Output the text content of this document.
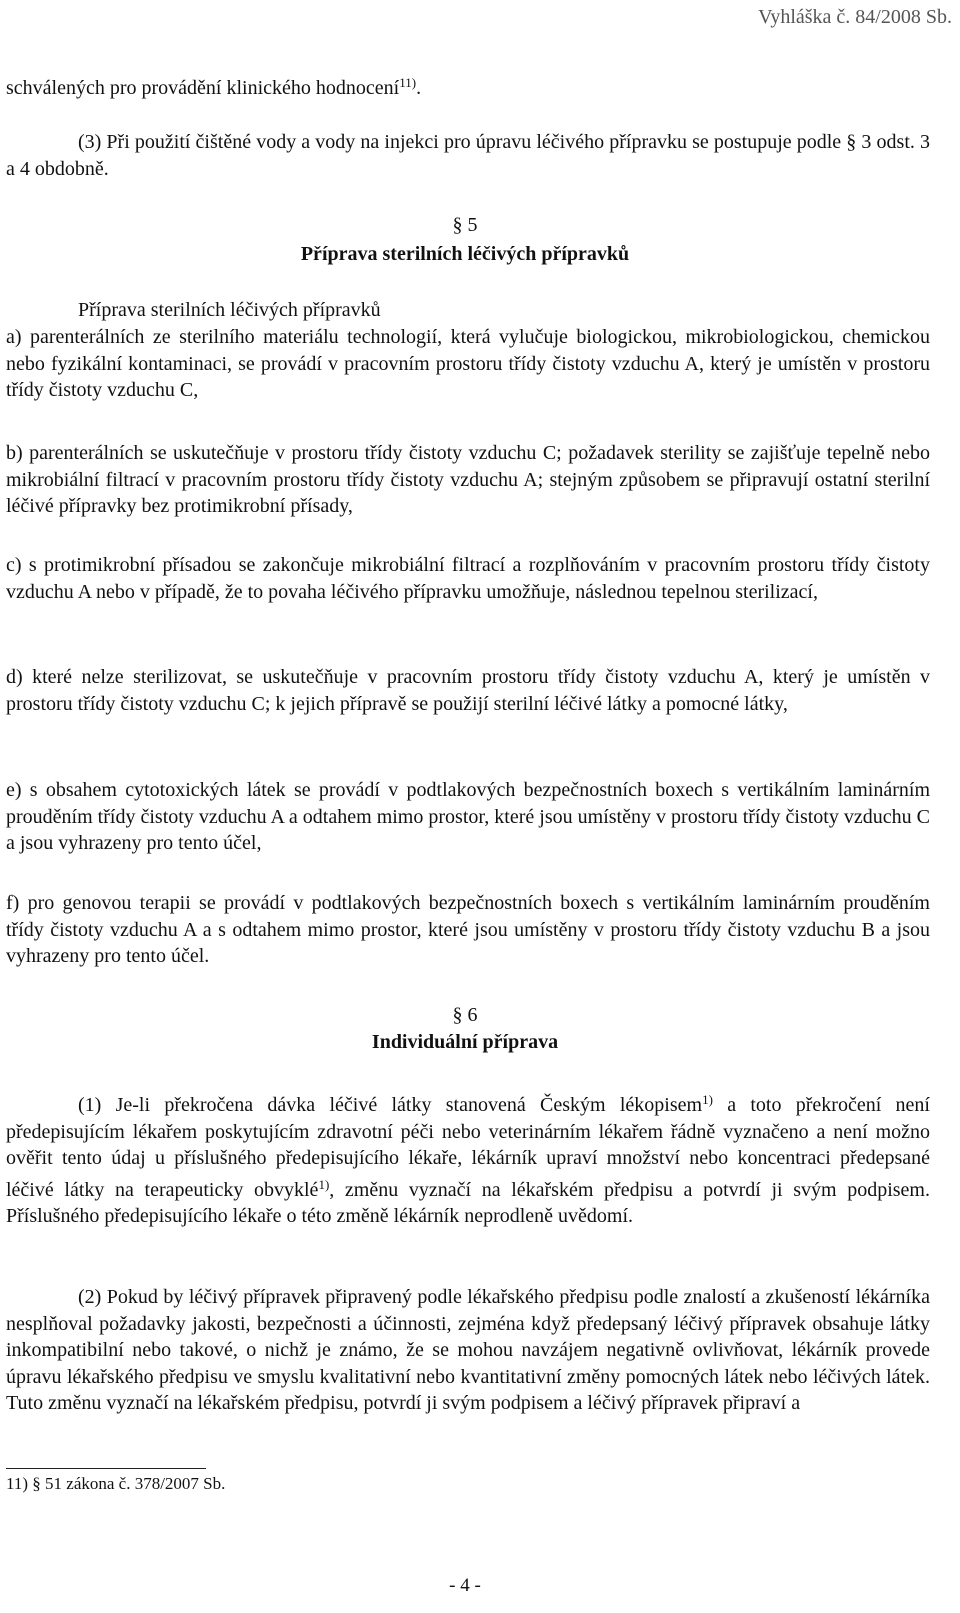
Vyhláška č. 84/2008 Sb.

schválených pro provádění klinického hodnocení$^{11)}$.

(3) Při použití čištěné vody a vody na injekci pro úpravu léčivého přípravku se postupuje podle § 3 odst. 3 a 4 obdobně.

§ 5

Příprava sterilních léčivých přípravků

Příprava sterilních léčivých přípravků

a) parenterálních ze sterilního materiálu technologií, která vylučuje biologickou, mikrobiologickou, chemickou nebo fyzikální kontaminaci, se provádí v pracovním prostoru třídy čistoty vzduchu A, který je umístěn v prostoru třídy čistoty vzduchu C,

b) parenterálních se uskutečňuje v prostoru třídy čistoty vzduchu C; požadavek sterility se zajišťuje tepelně nebo mikrobiální filtrací v pracovním prostoru třídy čistoty vzduchu A; stejným způsobem se připravují ostatní sterilní léčivé přípravky bez protimikrobní přísady,

c) s protimikrobní přísadou se zakončuje mikrobiální filtrací a rozplňováním v pracovním prostoru třídy čistoty vzduchu A nebo v případě, že to povaha léčivého přípravku umožňuje, následnou tepelnou sterilizací,

d) které nelze sterilizovat, se uskutečňuje v pracovním prostoru třídy čistoty vzduchu A, který je umístěn v prostoru třídy čistoty vzduchu C; k jejich přípravě se použijí sterilní léčivé látky a pomocné látky,

e) s obsahem cytotoxických látek se provádí v podtlakových bezpečnostních boxech s vertikálním laminárním prouděním třídy čistoty vzduchu A a odtahem mimo prostor, které jsou umístěny v prostoru třídy čistoty vzduchu C a jsou vyhrazeny pro tento účel,

f) pro genovou terapii se provádí v podtlakových bezpečnostních boxech s vertikálním laminárním prouděním třídy čistoty vzduchu A a s odtahem mimo prostor, které jsou umístěny v prostoru třídy čistoty vzduchu B a jsou vyhrazeny pro tento účel.

§ 6

Individuální příprava

(1) Je-li překročena dávka léčivé látky stanovená Českým lékopisem$^{1)}$ a toto překročení není předepisujícím lékařem poskytujícím zdravotní péči nebo veterinárním lékařem řádně vyznačeno a není možno ověřit tento údaj u příslušného předepisujícího lékaře, lékárník upraví množství nebo koncentraci předepsané léčivé látky na terapeuticky obvyklé$^{1)}$, změnu vyznačí na lékařském předpisu a potvrdí ji svým podpisem. Příslušného předepisujícího lékaře o této změně lékárník neprodleně uvědomí.

(2) Pokud by léčivý přípravek připravený podle lékařského předpisu podle znalostí a zkušeností lékárníka nesplňoval požadavky jakosti, bezpečnosti a účinnosti, zejména když předepsaný léčivý přípravek obsahuje látky inkompatibilní nebo takové, o nichž je známo, že se mohou navzájem negativně ovlivňovat, lékárník provede úpravu lékařského předpisu ve smyslu kvalitativní nebo kvantitativní změny pomocných látek nebo léčivých látek. Tuto změnu vyznačí na lékařském předpisu, potvrdí ji svým podpisem a léčivý přípravek připraví a

11) § 51 zákona č. 378/2007 Sb.

- 4 -
